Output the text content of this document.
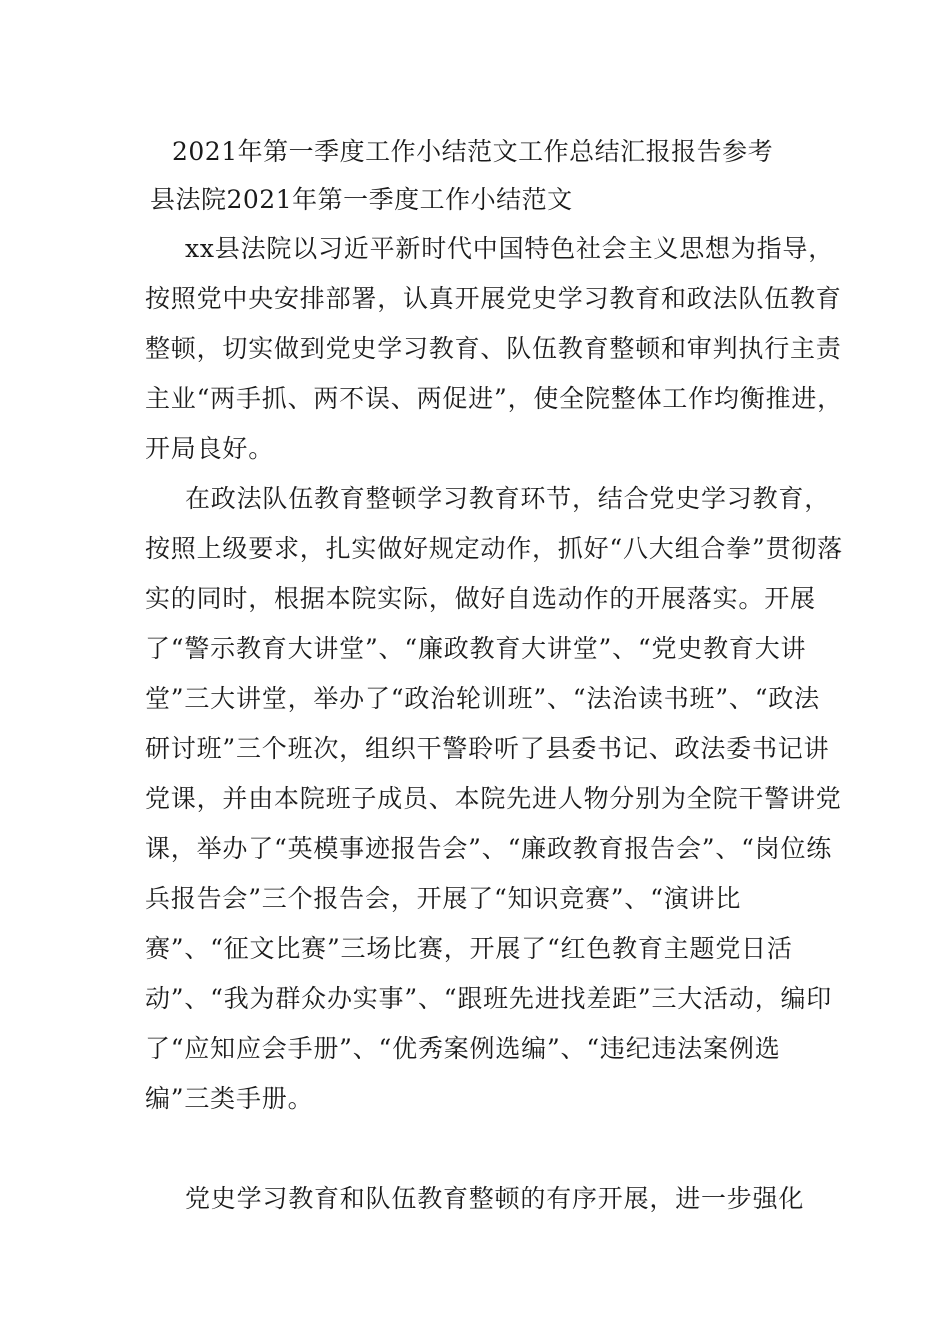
2021年第一季度工作小结范文工作总结汇报报告参考
县法院2021年第一季度工作小结范文

xx县法院以习近平新时代中国特色社会主义思想为指导，按照党中央安排部署，认真开展党史学习教育和政法队伍教育整顿，切实做到党史学习教育、队伍教育整顿和审判执行主责主业“两手抓、两不误、两促进”，使全院整体工作均衡推进，开局良好。

在政法队伍教育整顿学习教育环节，结合党史学习教育，按照上级要求，扎实做好规定动作，抓好“八大组合拳”贯彻落实的同时，根据本院实际，做好自选动作的开展落实。开展了“警示教育大讲堂”、“廉政教育大讲堂”、“党史教育大讲堂”三大讲堂，举办了“政治轮训班”、“法治读书班”、“政法研讨班”三个班次，组织干警聆听了县委书记、政法委书记讲党课，并由本院班子成员、本院先进人物分别为全院干警讲党课，举办了“英模事迹报告会”、“廉政教育报告会”、“岗位练兵报告会”三个报告会，开展了“知识竞赛”、“演讲比赛”、“征文比赛”三场比赛，开展了“红色教育主题党日活动”、“我为群众办实事”、“跟班先进找差距”三大活动，编印了“应知应会手册”、“优秀案例选编”、“违纪违法案例选编”三类手册。

党史学习教育和队伍教育整顿的有序开展，进一步强化
